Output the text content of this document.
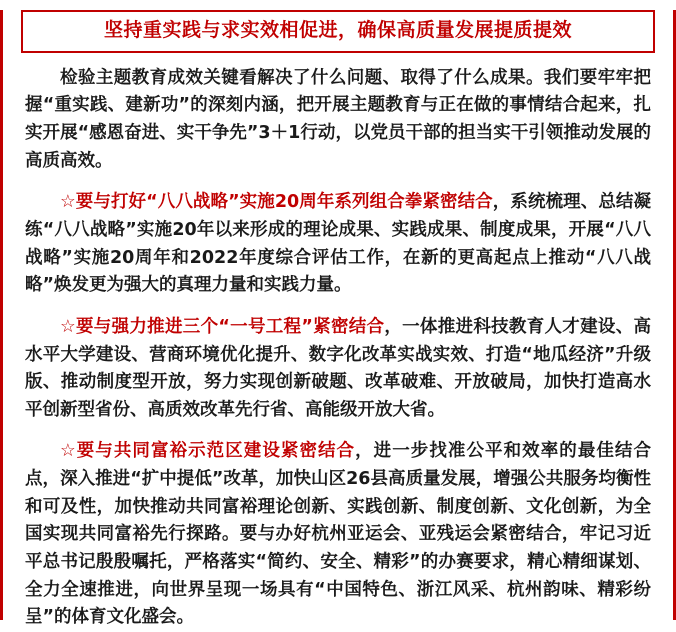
坚持重实践与求实效相促进，确保高质量发展提质提效

检验主题教育成效关键看解决了什么问题、取得了什么成果。我们要牢牢把握“重实践、建新功”的深刻内涵，把开展主题教育与正在做的事情结合起来，扎实开展“感恩奋进、实干争先”3＋1行动，以党员干部的担当实干引领推动发展的高质高效。

☆要与打好“八八战略”实施20周年系列组合拳紧密结合，系统梳理、总结凝练“八八战略”实施20年以来形成的理论成果、实践成果、制度成果，开展“八八战略”实施20周年和2022年度综合评估工作，在新的更高起点上推动“八八战略”焕发更为强大的真理力量和实践力量。

☆要与强力推进三个“一号工程”紧密结合，一体推进科技教育人才建设、高水平大学建设、营商环境优化提升、数字化改革实战实效、打造“地瓜经济”升级版、推动制度型开放，努力实现创新破题、改革破难、开放破局，加快打造高水平创新型省份、高质效改革先行省、高能级开放大省。

☆要与共同富裕示范区建设紧密结合，进一步找准公平和效率的最佳结合点，深入推进“扩中提低”改革，加快山区26县高质量发展，增强公共服务均衡性和可及性，加快推动共同富裕理论创新、实践创新、制度创新、文化创新，为全国实现共同富裕先行探路。要与办好杭州亚运会、亚残运会紧密结合，牢记习近平总书记殷殷嘱托，严格落实“简约、安全、精彩”的办赛要求，精心精细谋划、全力全速推进，向世界呈现一场具有“中国特色、浙江风采、杭州韵味、精彩纷呈”的体育文化盛会。
